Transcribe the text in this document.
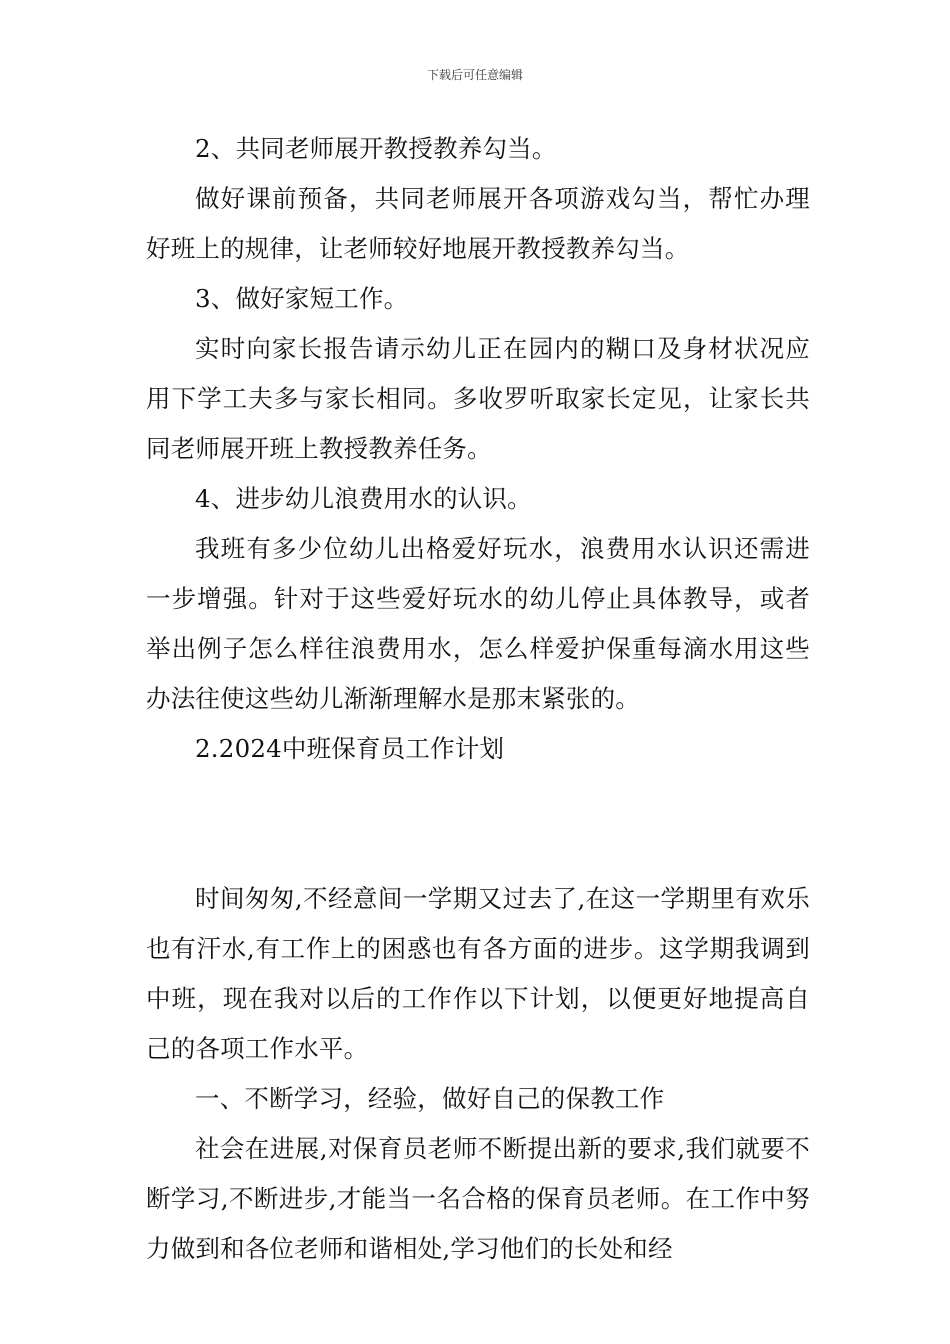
下载后可任意编辑

2、共同老师展开教授教养勾当。

做好课前预备，共同老师展开各项游戏勾当，帮忙办理好班上的规律，让老师较好地展开教授教养勾当。

3、做好家短工作。

实时向家长报告请示幼儿正在园内的糊口及身材状况应用下学工夫多与家长相同。多收罗听取家长定见，让家长共同老师展开班上教授教养任务。

4、进步幼儿浪费用水的认识。

我班有多少位幼儿出格爱好玩水，浪费用水认识还需进一步增强。针对于这些爱好玩水的幼儿停止具体教导，或者举出例子怎么样往浪费用水，怎么样爱护保重每滴水用这些办法往使这些幼儿渐渐理解水是那末紧张的。

2.2024中班保育员工作计划

时间匆匆,不经意间一学期又过去了,在这一学期里有欢乐也有汗水,有工作上的困惑也有各方面的进步。这学期我调到中班，现在我对以后的工作作以下计划，以便更好地提高自己的各项工作水平。

一、不断学习，经验，做好自己的保教工作

社会在进展,对保育员老师不断提出新的要求,我们就要不断学习,不断进步,才能当一名合格的保育员老师。在工作中努力做到和各位老师和谐相处,学习他们的长处和经
